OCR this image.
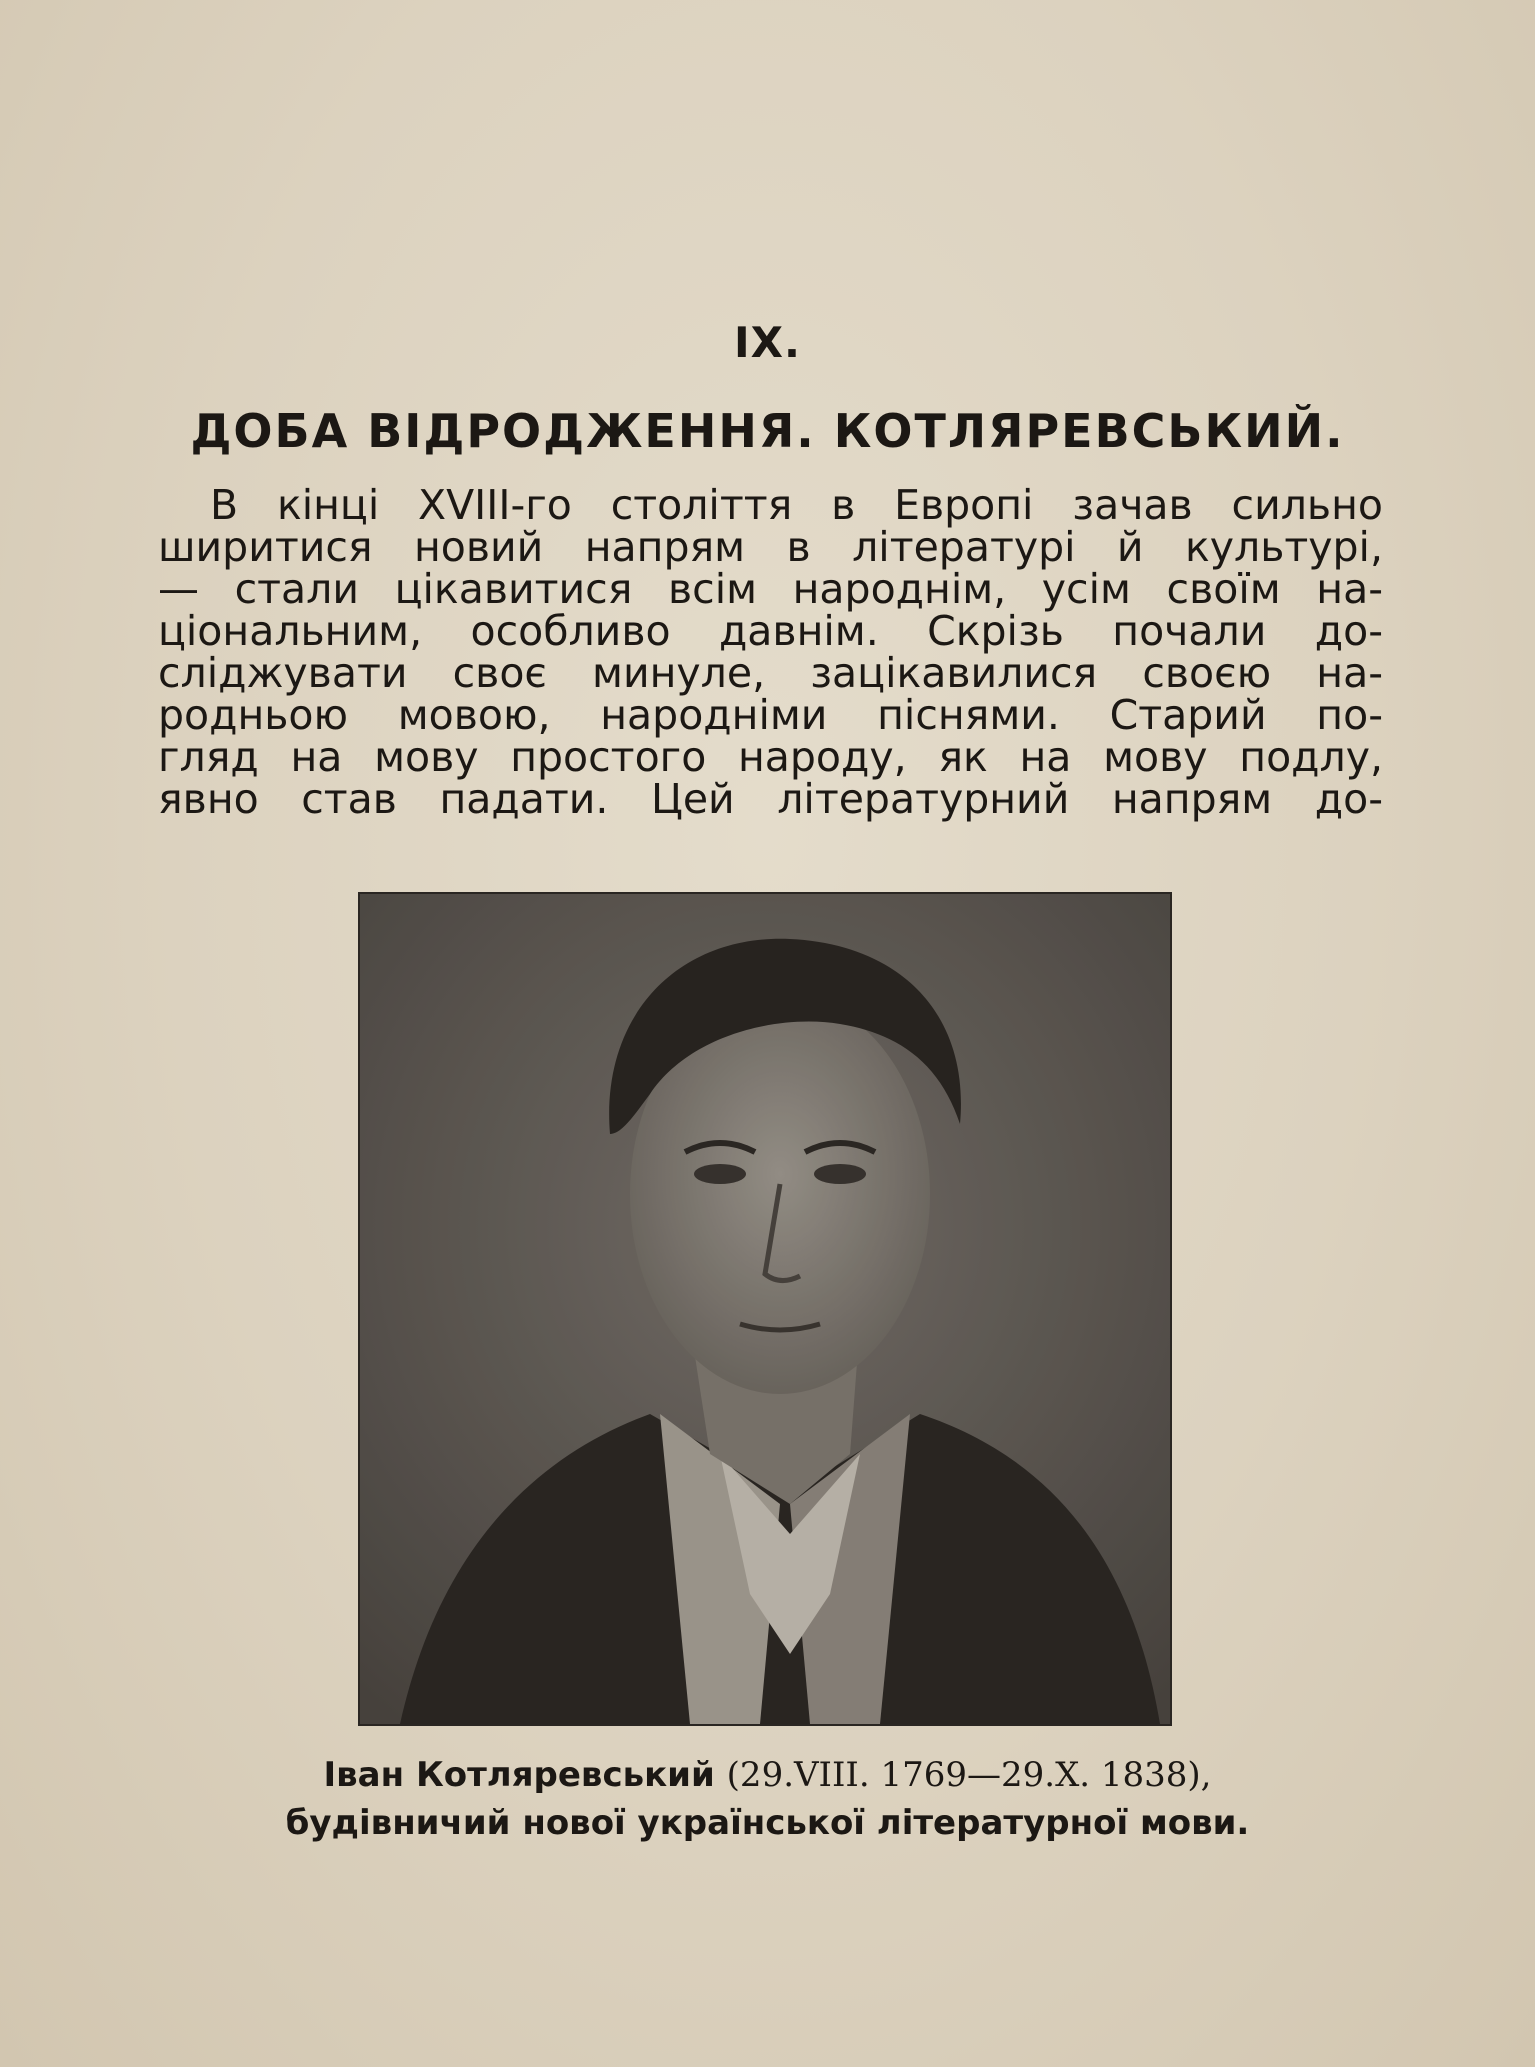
IX.
ДОБА ВІДРОДЖЕННЯ. КОТЛЯРЕВСЬКИЙ.
В кінці XVIII-го століття в Европі зачав сильно
ширитися новий напрям в літературі й культурі,
— стали цікавитися всім народнім, усім своїм на-
ціональним, особливо давнім. Скрізь почали до-
сліджувати своє минуле, зацікавилися своєю на-
родньою мовою, народніми піснями. Старий по-
гляд на мову простого народу, як на мову подлу,
явно став падати. Цей літературний напрям до-
Іван Котляревський (29.VIII. 1769—29.X. 1838),
будівничий нової української літературної мови.
